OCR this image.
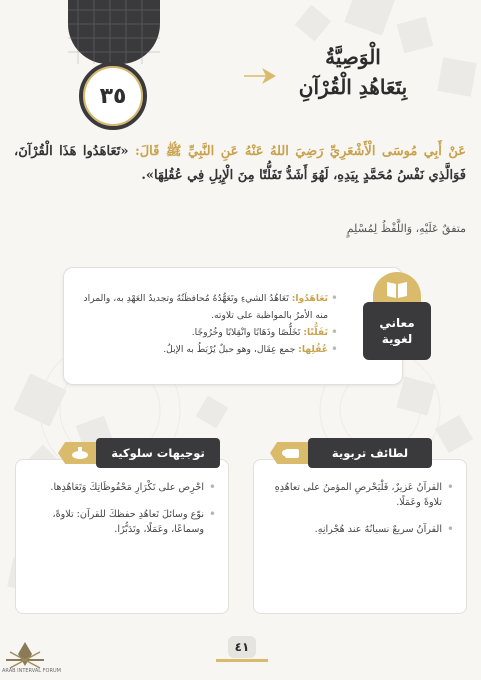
٣٥
الْوَصِيَّةُ
بِتَعَاهُدِ الْقُرْآنِ
عَنْ أَبِي مُوسَى الْأَشْعَرِيِّ رَضِيَ اللهُ عَنْهُ عَنِ النَّبِيِّ ﷺ قَالَ: «تَعَاهَدُوا هَذَا الْقُرْآنَ، فَوَالَّذِي نَفْسُ مُحَمَّدٍ بِيَدِهِ، لَهُوَ أَشَدُّ تَفَلُّتًا مِنَ الْإِبِلِ فِي عُقُلِهَا».
متفقٌ عَلَيْهِ، وَاللَّفْظُ لِمُسْلِمٍ
• تَعَاهَدُوا: تَعَاهُدُ الشيءِ وتَعَهُّدُهُ مُحافظَتُهُ وتجديدُ العَهْدِ به، والمراد منه الأمرُ بالمواظبة على تلاوته.
• تَفَلُّتًا: تَخَلُّصًا وذَهَابًا وانْقِلابًا وخُرُوجًا.
• عُقُلِها: جمع عِقَال، وهو حبلٌ يُرْبَطُ به الإبلُ.
معاني
لغوية
• احْرِص على تَكْرَارِ مَحْفُوظَاتِكَ وَتَعَاهُدِها.
• نوّع وسائلَ تَعاهُدِ حفظكَ للقرآن: تلاوةً، وسماعًا، وعَمَلًا، وتَدَبُّرًا.
توجيهات سلوكية
• القرآنُ عَزيزٌ، فَلْيَحْرصِ المؤمنُ على تعاهُدِهِ تلاوةً وعَمَلًا.
• القرآنُ سريعٌ نسيانُهُ عند هُجْرانِهِ.
لطائف تربوية
٤١
ARAB INTERVAL FORUM
